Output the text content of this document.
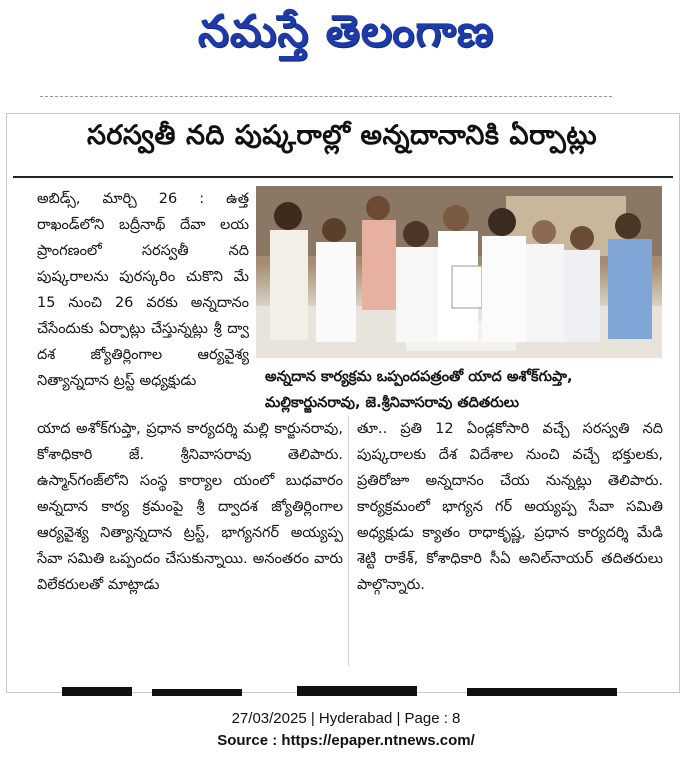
నమస్తే తెలంగాణ
సరస్వతీ నది పుష్కరాల్లో అన్నదానానికి ఏర్పాట్లు
అబిడ్స్, మార్చి 26 : ఉత్త రాఖండ్‌లోని బద్రీనాథ్ దేవా లయ ప్రాంగణంలో సరస్వతీ నది పుష్కరాలను పురస్కరిం చుకొని మే 15 నుంచి 26 వరకు అన్నదానం చేసేందుకు ఏర్పాట్లు చేస్తున్నట్లు శ్రీ ద్వా దశ జ్యోతిర్లింగాల ఆర్యవైశ్య నిత్యాన్నదాన ట్రస్ట్ అధ్యక్షుడు	అన్నదాన కార్యక్రమ ఒప్పందపత్రంతో యాద అశోక్‌గుప్తా, మల్లికార్జునరావు, జె.శ్రీనివాసరావు తదితరులు
యాద అశోక్‌గుప్తా, ప్రధాన కార్యదర్శి మల్లి కార్జునరావు, కోశాధికారి జే. శ్రీనివాసరావు తెలిపారు. ఉస్మాన్‌గంజ్‌లోని సంస్థ కార్యాల యంలో బుధవారం అన్నదాన కార్య క్రమంపై శ్రీ ద్వాదశ జ్యోతిర్లింగాల ఆర్యవైశ్య నిత్యాన్నదాన ట్రస్ట్, భాగ్యనగర్ అయ్యప్ప సేవా సమితి ఒప్పందం చేసుకున్నాయి. అనంతరం వారు విలేకరులతో మాట్లాడు
తూ.. ప్రతి 12 ఏండ్లకోసారి వచ్చే సరస్వతి నది పుష్కరాలకు దేశ విదేశాల నుంచి వచ్చే భక్తులకు, ప్రతిరోజూ అన్నదానం చేయ నున్నట్లు తెలిపారు. కార్యక్రమంలో భాగ్యన గర్ అయ్యప్ప సేవా సమితి అధ్యక్షుడు క్యాతం రాధాకృష్ణ, ప్రధాన కార్యదర్శి మేడి శెట్టి రాకేశ్, కోశాధికారి సీఏ అనిల్‌నాయర్ తదితరులు పాల్గొన్నారు.
27/03/2025 | Hyderabad | Page : 8
Source : https://epaper.ntnews.com/
